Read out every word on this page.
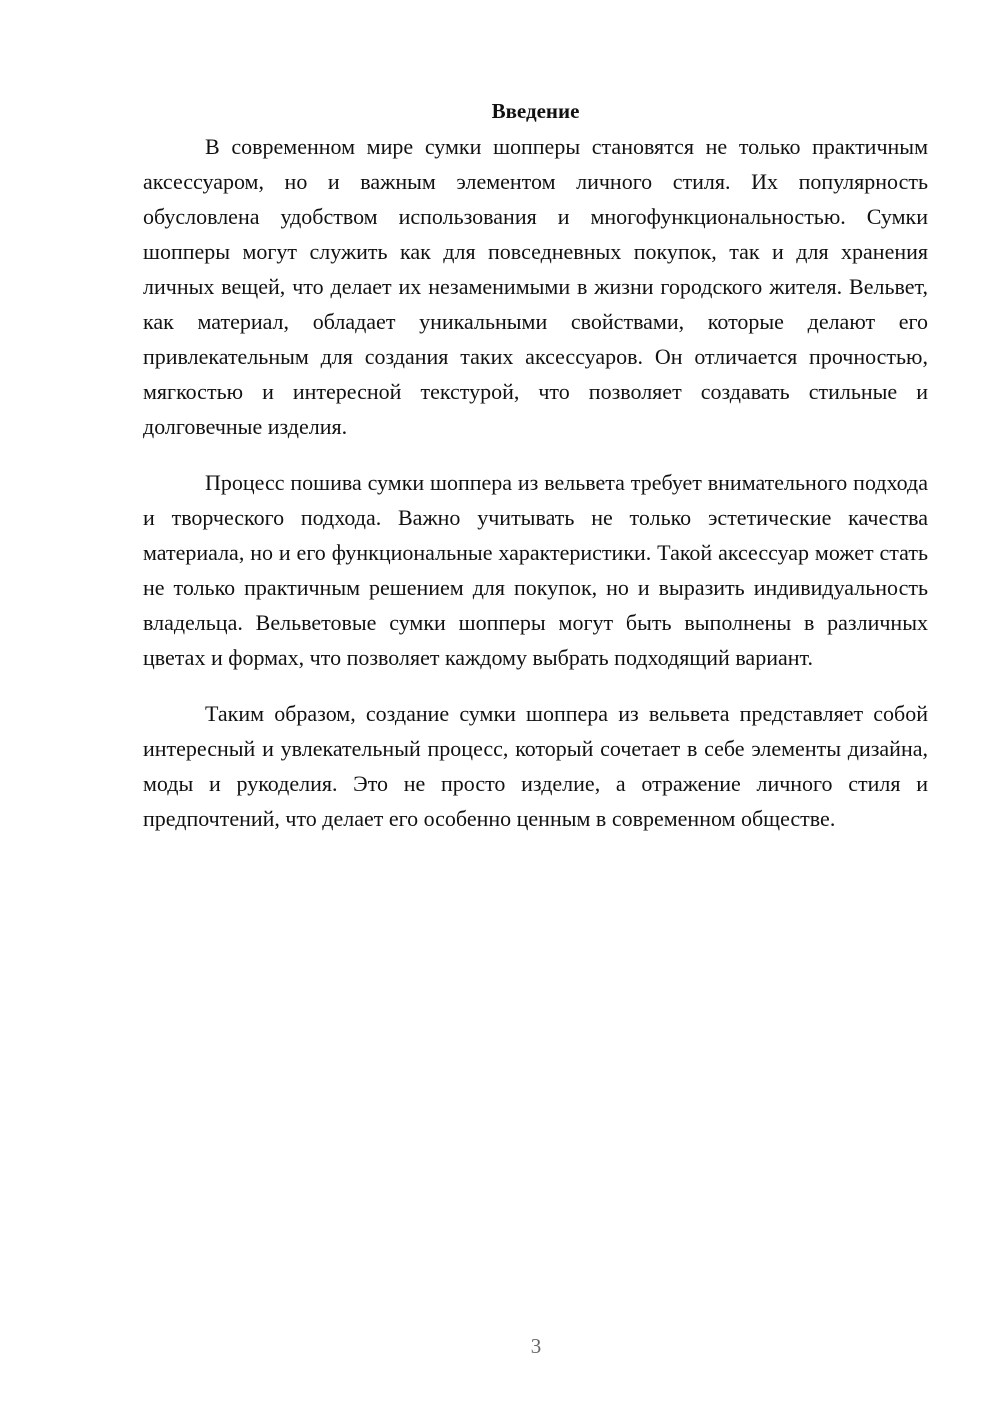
Введение

В современном мире сумки шопперы становятся не только практичным аксессуаром, но и важным элементом личного стиля. Их популярность обусловлена удобством использования и многофункциональностью. Сумки шопперы могут служить как для повседневных покупок, так и для хранения личных вещей, что делает их незаменимыми в жизни городского жителя. Вельвет, как материал, обладает уникальными свойствами, которые делают его привлекательным для создания таких аксессуаров. Он отличается прочностью, мягкостью и интересной текстурой, что позволяет создавать стильные и долговечные изделия.

Процесс пошива сумки шоппера из вельвета требует внимательного подхода и творческого подхода. Важно учитывать не только эстетические качества материала, но и его функциональные характеристики. Такой аксессуар может стать не только практичным решением для покупок, но и выразить индивидуальность владельца. Вельветовые сумки шопперы могут быть выполнены в различных цветах и формах, что позволяет каждому выбрать подходящий вариант.

Таким образом, создание сумки шоппера из вельвета представляет собой интересный и увлекательный процесс, который сочетает в себе элементы дизайна, моды и рукоделия. Это не просто изделие, а отражение личного стиля и предпочтений, что делает его особенно ценным в современном обществе.

3
